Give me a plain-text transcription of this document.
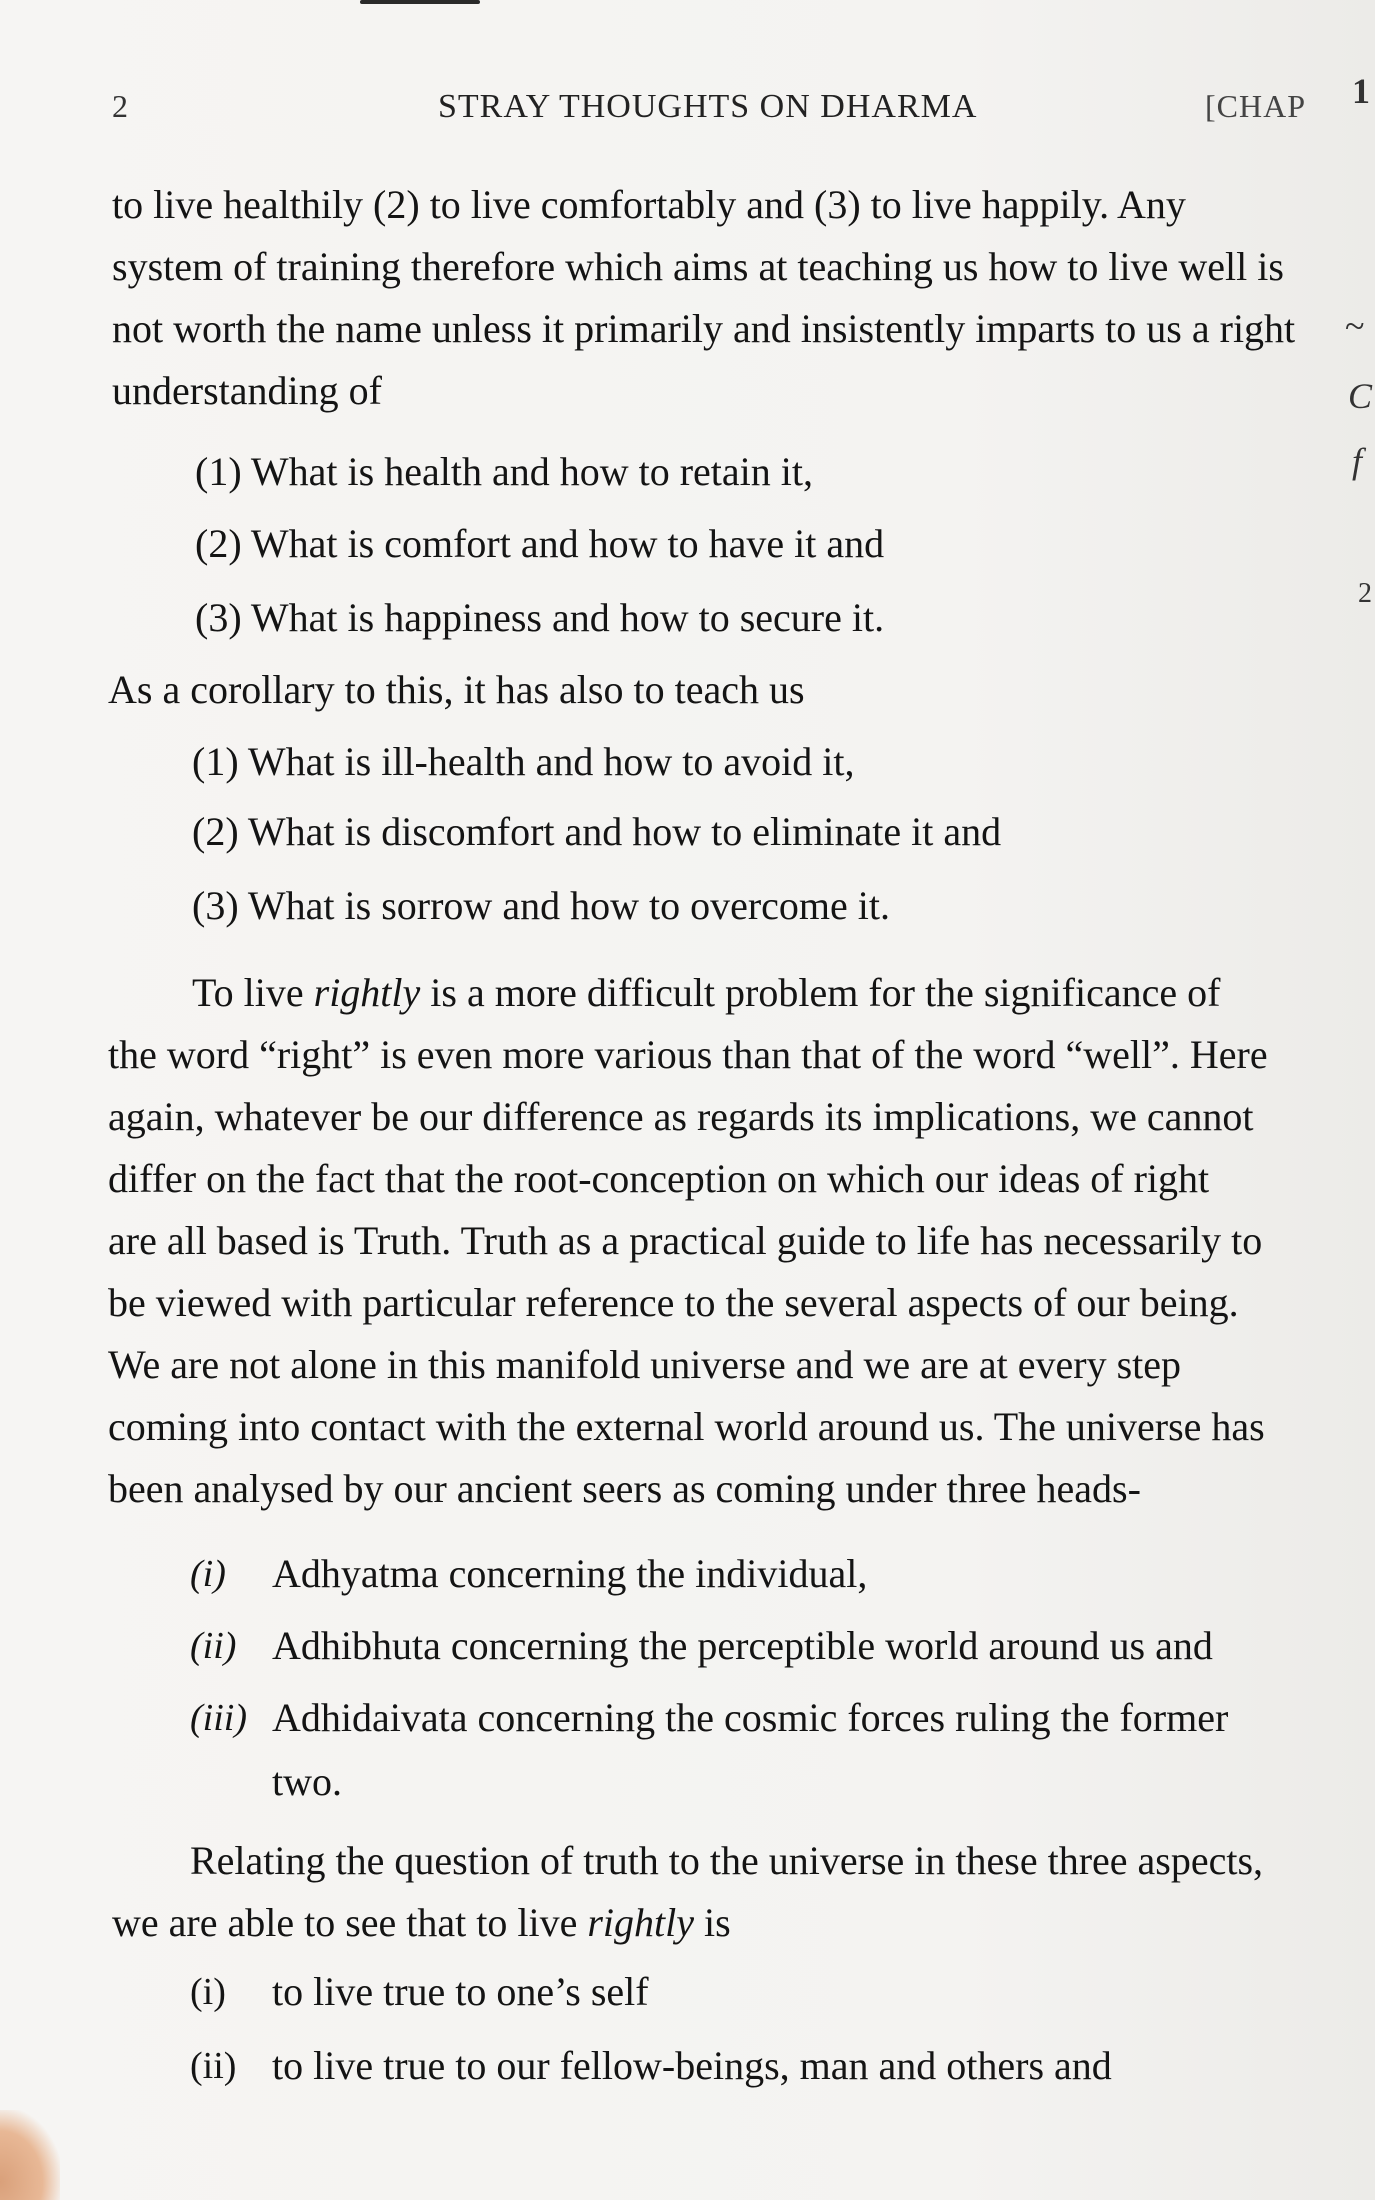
2	STRAY THOUGHTS ON DHARMA	[CHAP 1
~
C
f
2
to live healthily (2) to live comfortably and (3) to live happily. Any
system of training therefore which aims at teaching us how to live well is
not worth the name unless it primarily and insistently imparts to us a right
understanding of
(1) What is health and how to retain it,
(2) What is comfort and how to have it and
(3) What is happiness and how to secure it.
As a corollary to this, it has also to teach us
(1) What is ill-health and how to avoid it,
(2) What is discomfort and how to eliminate it and
(3) What is sorrow and how to overcome it.
To live rightly is a more difficult problem for the significance of
the word “right” is even more various than that of the word “well”. Here
again, whatever be our difference as regards its implications, we cannot
differ on the fact that the root-conception on which our ideas of right
are all based is Truth. Truth as a practical guide to life has necessarily to
be viewed with particular reference to the several aspects of our being.
We are not alone in this manifold universe and we are at every step
coming into contact with the external world around us. The universe has
been analysed by our ancient seers as coming under three heads-
(i) Adhyatma concerning the individual,
(ii) Adhibhuta concerning the perceptible world around us and
(iii) Adhidaivata concerning the cosmic forces ruling the former
two.
Relating the question of truth to the universe in these three aspects,
we are able to see that to live rightly is
(i) to live true to one’s self
(ii) to live true to our fellow-beings, man and others and
